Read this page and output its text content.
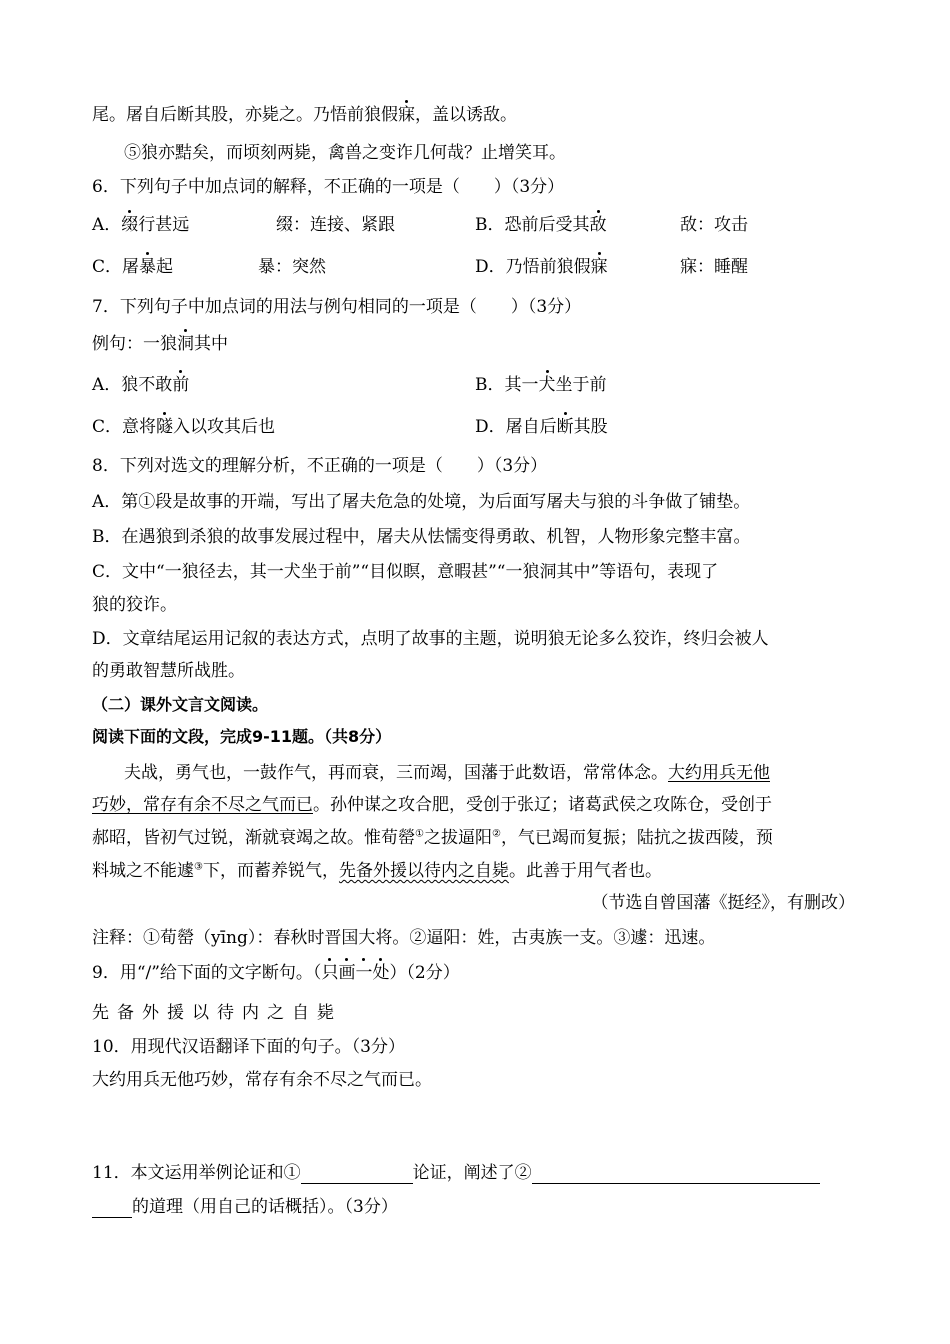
尾。屠自后断其股，亦毙之。乃悟前狼假寐，盖以诱敌。
⑤狼亦黠矣，而顷刻两毙，禽兽之变诈几何哉？止增笑耳。
6．下列句子中加点词的解释，不正确的一项是（　　）（3分）
A．缀行甚远	缀：连接、紧跟	B．恐前后受其敌	敌：攻击
C．屠暴起	暴：突然	D．乃悟前狼假寐	寐：睡醒
7．下列句子中加点词的用法与例句相同的一项是（　　）（3分）
例句：一狼洞其中
A．狼不敢前	B．其一犬坐于前
C．意将隧入以攻其后也	D．屠自后断其股
8．下列对选文的理解分析，不正确的一项是（　　）（3分）
A．第①段是故事的开端，写出了屠夫危急的处境，为后面写屠夫与狼的斗争做了铺垫。
B．在遇狼到杀狼的故事发展过程中，屠夫从怯懦变得勇敢、机智，人物形象完整丰富。
C．文中“一狼径去，其一犬坐于前”“目似瞑，意暇甚”“一狼洞其中”等语句，表现了
狼的狡诈。
D．文章结尾运用记叙的表达方式，点明了故事的主题，说明狼无论多么狡诈，终归会被人
的勇敢智慧所战胜。
（二）课外文言文阅读。
阅读下面的文段，完成9-11题。（共8分）
夫战，勇气也，一鼓作气，再而衰，三而竭，国藩于此数语，常常体念。大约用兵无他
巧妙，常存有余不尽之气而已。孙仲谋之攻合肥，受创于张辽；诸葛武侯之攻陈仓，受创于
郝昭，皆初气过锐，渐就衰竭之故。惟荀罃①之拔逼阳②，气已竭而复振；陆抗之拔西陵，预
料城之不能遽③下，而蓄养锐气，先备外援以待内之自毙。此善于用气者也。
（节选自曾国藩《挺经》，有删改）
注释：①荀罃（yīng）：春秋时晋国大将。②逼阳：姓，古夷族一支。③遽：迅速。
9．用“/”给下面的文字断句。（只画一处）（2分）
先备外援以待内之自毙
10．用现代汉语翻译下面的句子。（3分）
大约用兵无他巧妙，常存有余不尽之气而已。
11．本文运用举例论证和①	论证，阐述了②
的道理（用自己的话概括）。（3分）
